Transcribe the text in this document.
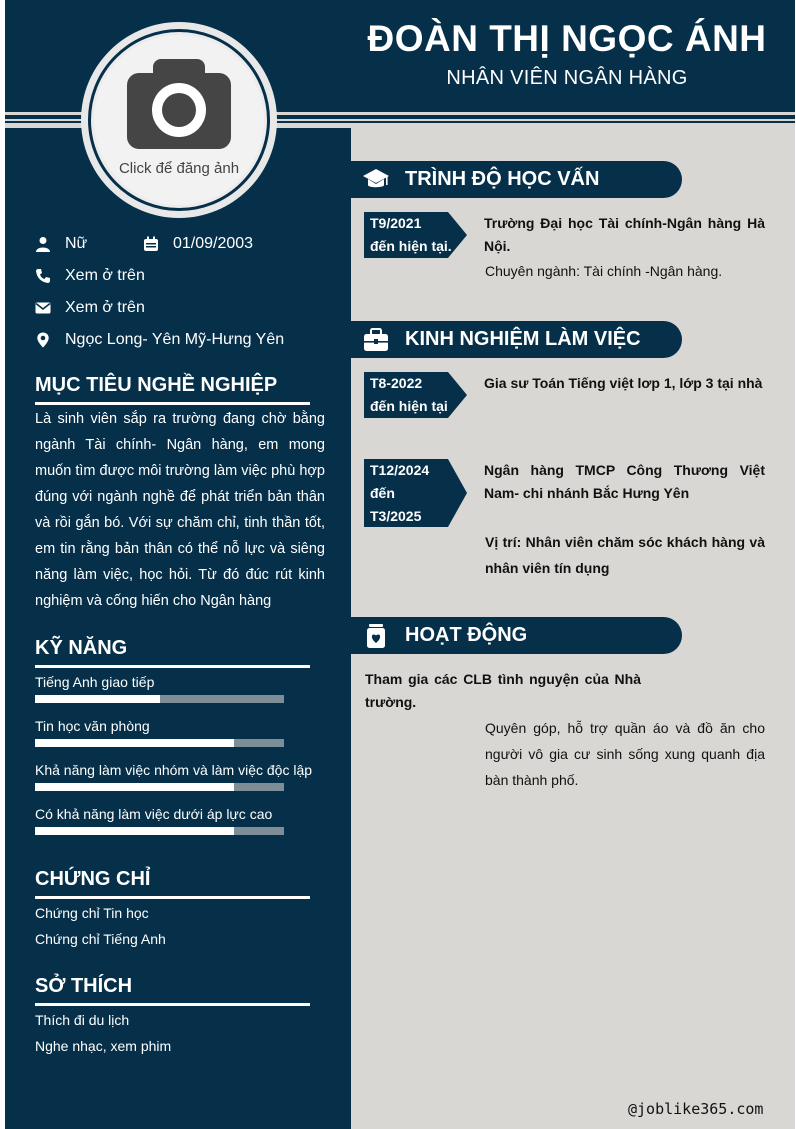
ĐOÀN THỊ NGỌC ÁNH
NHÂN VIÊN NGÂN HÀNG
Click để đăng ảnh
Nữ	01/09/2003
Xem ở trên
Xem ở trên
Ngọc Long- Yên Mỹ-Hưng Yên
MỤC TIÊU NGHỀ NGHIỆP
Là sinh viên sắp ra trường đang chờ bằng ngành Tài chính- Ngân hàng, em mong muốn tìm được môi trường làm việc phù hợp đúng với ngành nghề để phát triển bản thân và rồi gắn bó. Với sự chăm chỉ, tinh thần tốt, em tin rằng bản thân có thể nỗ lực và siêng năng làm việc, học hỏi. Từ đó đúc rút kinh nghiệm và cống hiến cho Ngân hàng
KỸ NĂNG
Tiếng Anh giao tiếp
Tin học văn phòng
Khả năng làm việc nhóm và làm việc độc lập
Có khả năng làm việc dưới áp lực cao
CHỨNG CHỈ
Chứng chỉ Tin học
Chứng chỉ Tiếng Anh
SỞ THÍCH
Thích đi du lịch
Nghe nhạc, xem phim
TRÌNH ĐỘ HỌC VẤN
T9/2021
đến hiện tại.
Trường Đại học Tài chính-Ngân hàng Hà Nội.
Chuyên ngành: Tài chính -Ngân hàng.
KINH NGHIỆM LÀM VIỆC
T8-2022
đến hiện tại
Gia sư Toán Tiếng việt lơp 1, lớp 3 tại nhà
T12/2024
đến
T3/2025
Ngân hàng TMCP Công Thương Việt Nam- chi nhánh Bắc Hưng Yên
Vị trí: Nhân viên chăm sóc khách hàng và nhân viên tín dụng
HOẠT ĐỘNG
Tham gia các CLB tình nguyện của Nhà trường.
Quyên góp, hỗ trợ quần áo và đồ ăn cho người vô gia cư sinh sống xung quanh địa bàn thành phố.
@joblike365.com
